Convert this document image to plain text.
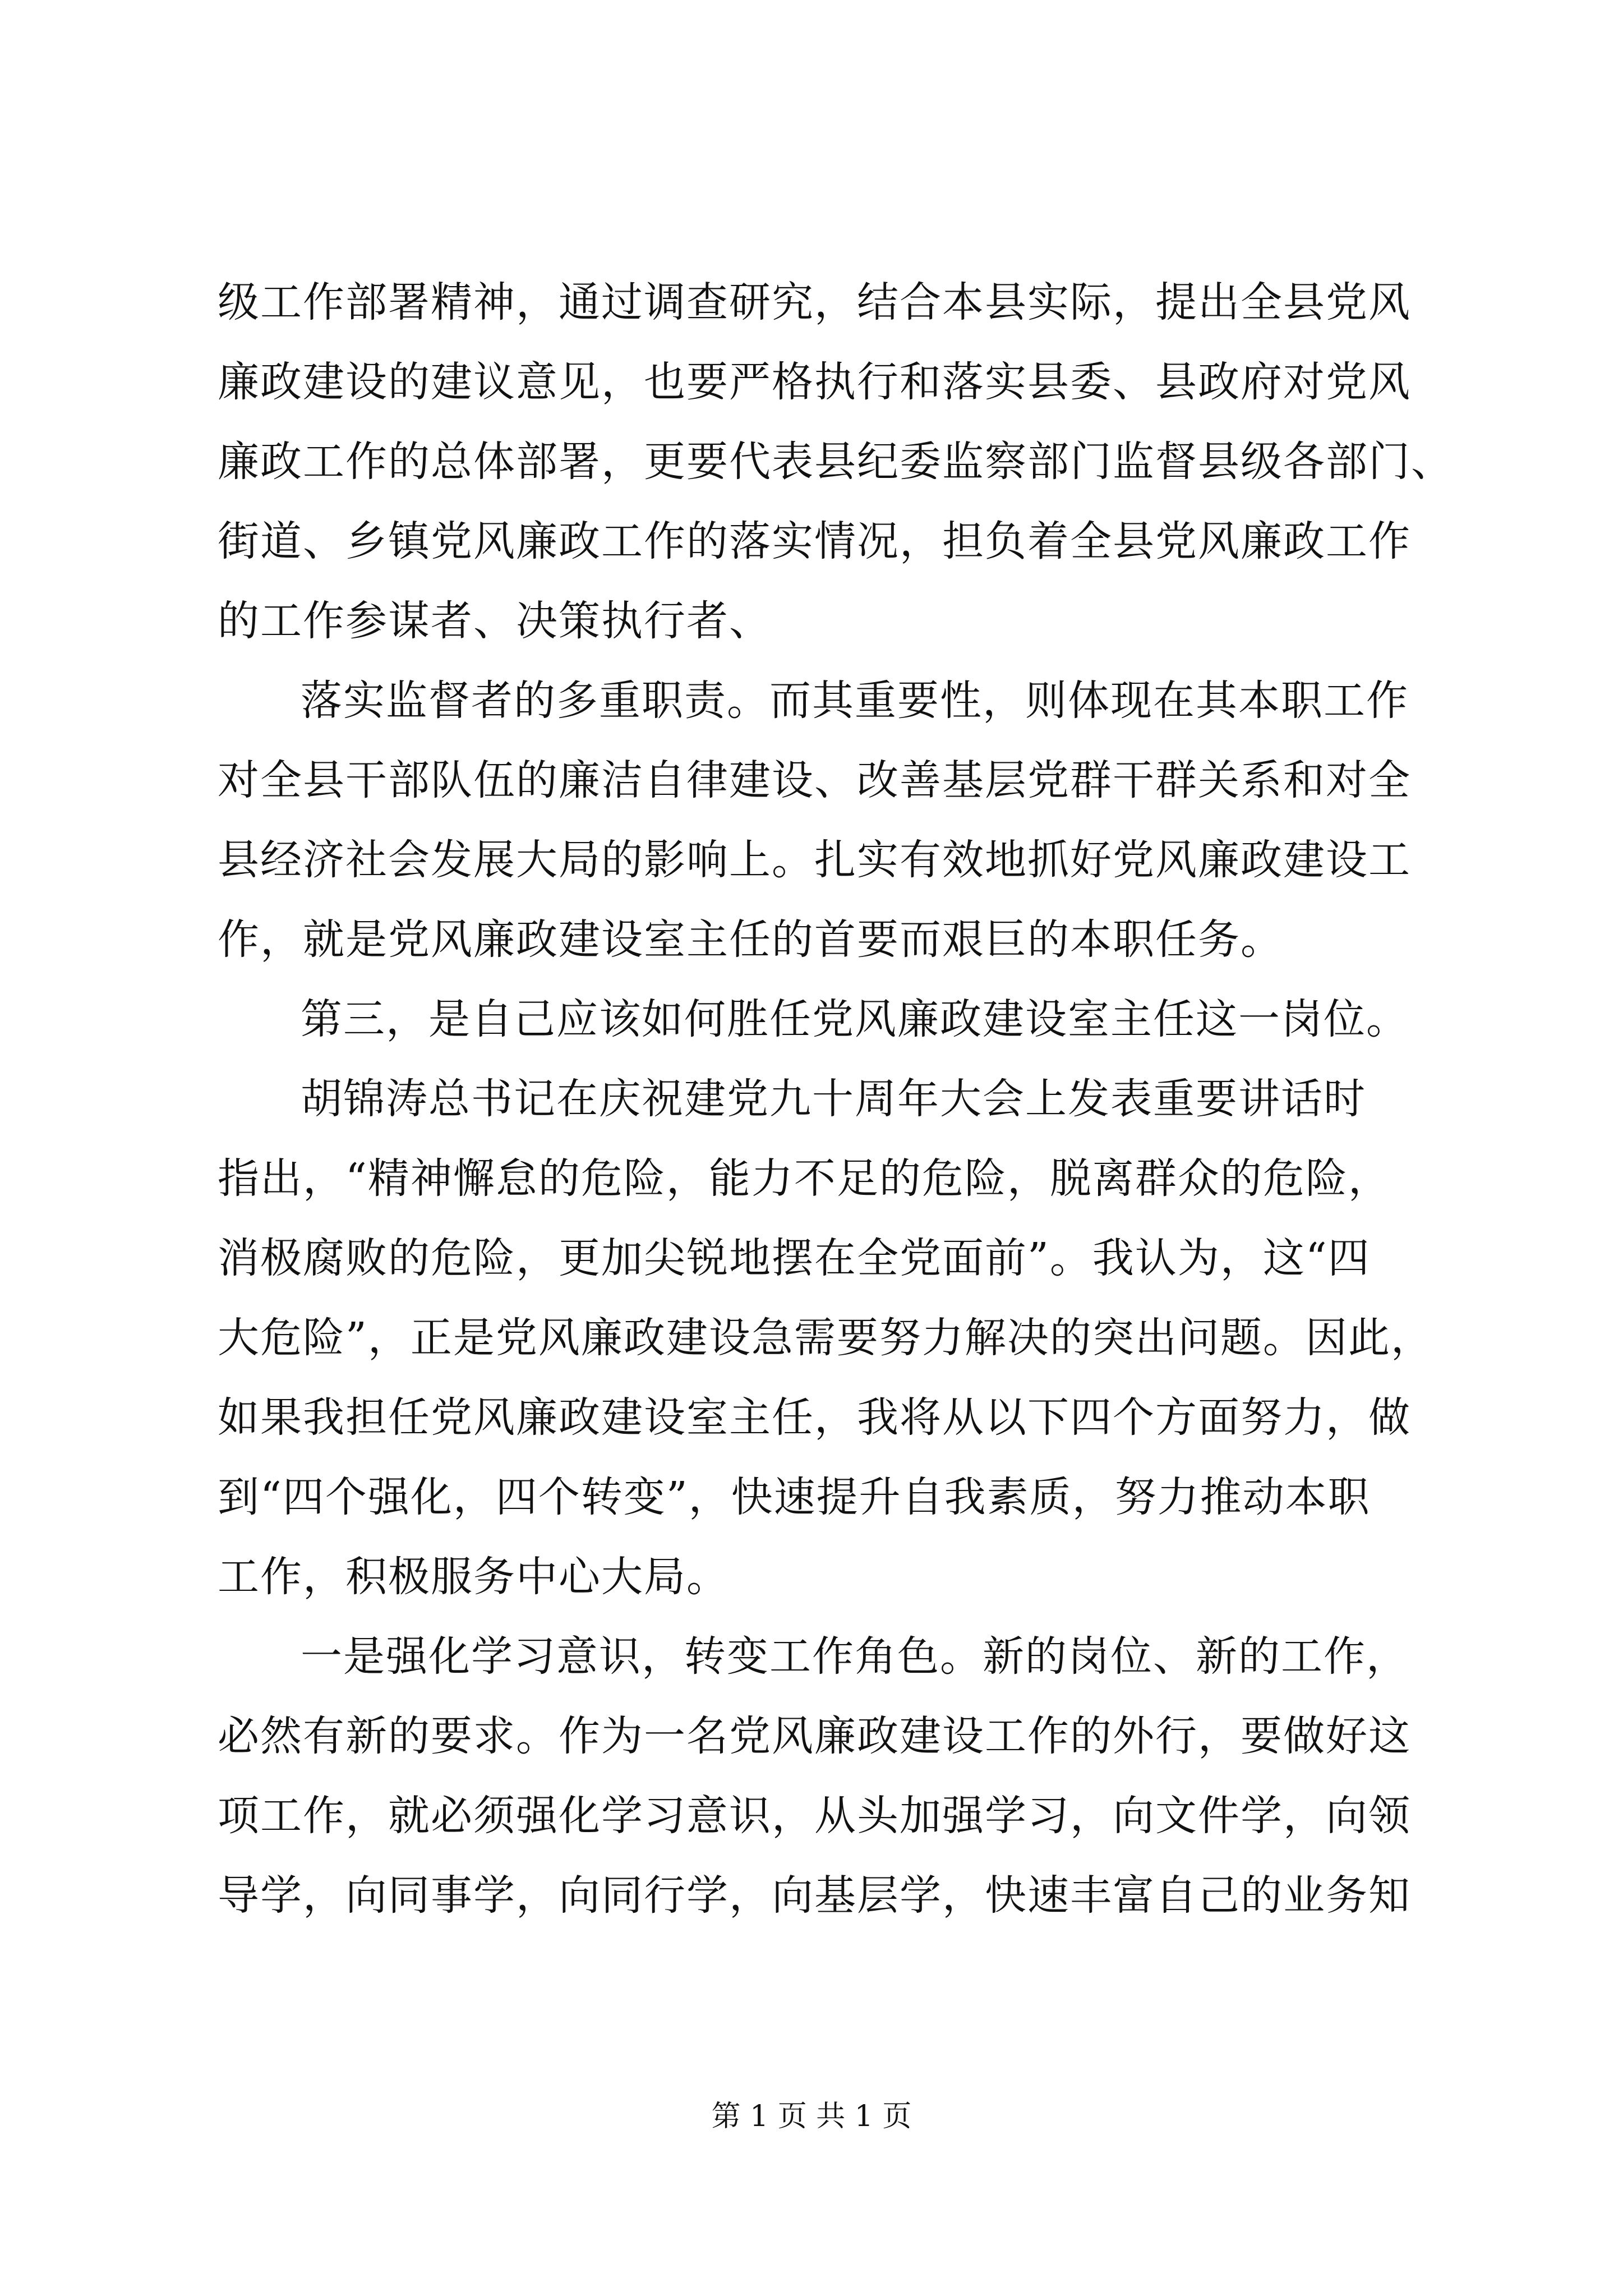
级工作部署精神，通过调查研究，结合本县实际，提出全县党风
廉政建设的建议意见，也要严格执行和落实县委、县政府对党风
廉政工作的总体部署，更要代表县纪委监察部门监督县级各部门、
街道、乡镇党风廉政工作的落实情况，担负着全县党风廉政工作
的工作参谋者、决策执行者、
落实监督者的多重职责。而其重要性，则体现在其本职工作
对全县干部队伍的廉洁自律建设、改善基层党群干群关系和对全
县经济社会发展大局的影响上。扎实有效地抓好党风廉政建设工
作，就是党风廉政建设室主任的首要而艰巨的本职任务。
第三，是自己应该如何胜任党风廉政建设室主任这一岗位。
胡锦涛总书记在庆祝建党九十周年大会上发表重要讲话时
指出，“精神懈怠的危险，能力不足的危险，脱离群众的危险，
消极腐败的危险，更加尖锐地摆在全党面前”。我认为，这“四
大危险”，正是党风廉政建设急需要努力解决的突出问题。因此，
如果我担任党风廉政建设室主任，我将从以下四个方面努力，做
到“四个强化，四个转变”，快速提升自我素质，努力推动本职
工作，积极服务中心大局。
一是强化学习意识，转变工作角色。新的岗位、新的工作，
必然有新的要求。作为一名党风廉政建设工作的外行，要做好这
项工作，就必须强化学习意识，从头加强学习，向文件学，向领
导学，向同事学，向同行学，向基层学，快速丰富自己的业务知
第 1 页 共 1 页
